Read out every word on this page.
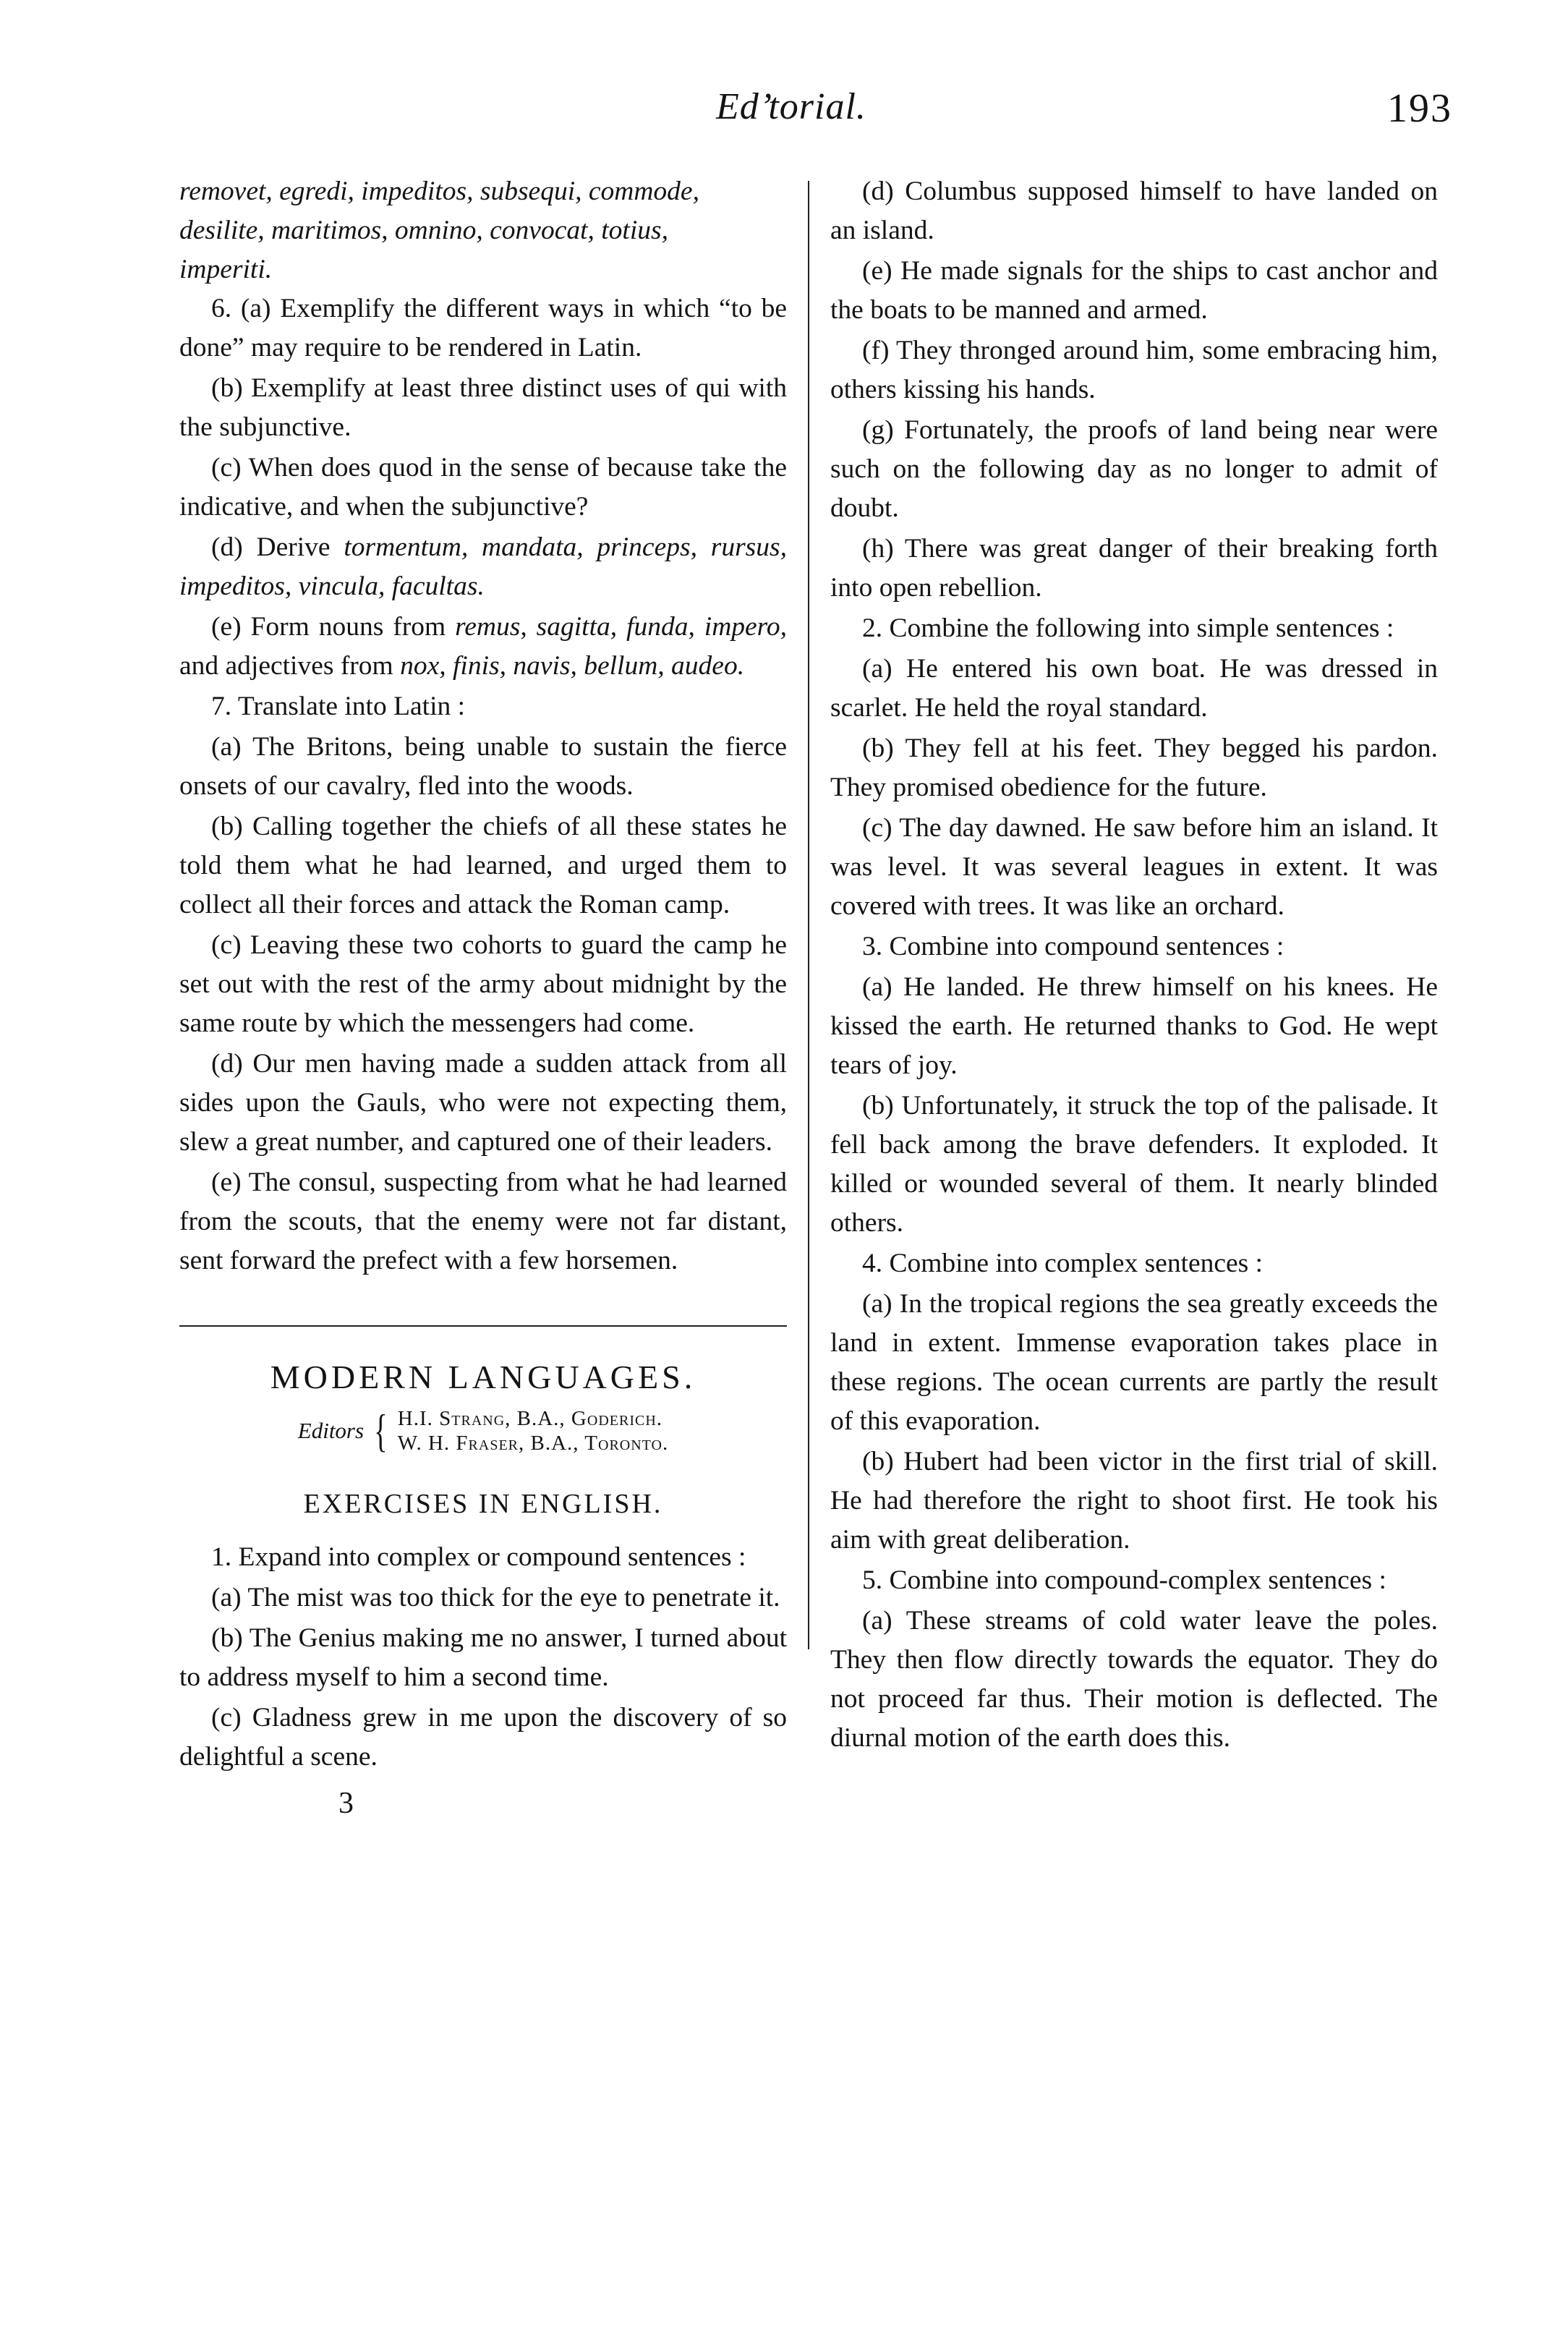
Ed’torial.	193

removet, egredi, impeditos, subsequi, commode,

desilite, maritimos, omnino, convocat, totius,

imperiti.

6. (a) Exemplify the different ways in which “to be done” may require to be rendered in Latin.

(b) Exemplify at least three distinct uses of qui with the subjunctive.

(c) When does quod in the sense of because take the indicative, and when the subjunctive?

(d) Derive tormentum, mandata, princeps, rursus, impeditos, vincula, facultas.

(e) Form nouns from remus, sagitta, funda, impero, and adjectives from nox, finis, navis, bellum, audeo.

7. Translate into Latin :

(a) The Britons, being unable to sustain the fierce onsets of our cavalry, fled into the woods.

(b) Calling together the chiefs of all these states he told them what he had learned, and urged them to collect all their forces and attack the Roman camp.

(c) Leaving these two cohorts to guard the camp he set out with the rest of the army about midnight by the same route by which the messengers had come.

(d) Our men having made a sudden attack from all sides upon the Gauls, who were not expecting them, slew a great number, and captured one of their leaders.

(e) The consul, suspecting from what he had learned from the scouts, that the enemy were not far distant, sent forward the prefect with a few horsemen.

MODERN LANGUAGES.
Editors { H.I. Strang, B.A., Goderich.
W. H. Fraser, B.A., Toronto.
EXERCISES IN ENGLISH.

1. Expand into complex or compound sentences :

(a) The mist was too thick for the eye to penetrate it.

(b) The Genius making me no answer, I turned about to address myself to him a second time.

(c) Gladness grew in me upon the discovery of so delightful a scene.

3

(d) Columbus supposed himself to have landed on an island.

(e) He made signals for the ships to cast anchor and the boats to be manned and armed.

(f) They thronged around him, some embracing him, others kissing his hands.

(g) Fortunately, the proofs of land being near were such on the following day as no longer to admit of doubt.

(h) There was great danger of their breaking forth into open rebellion.

2. Combine the following into simple sentences :

(a) He entered his own boat. He was dressed in scarlet. He held the royal standard.

(b) They fell at his feet. They begged his pardon. They promised obedience for the future.

(c) The day dawned. He saw before him an island. It was level. It was several leagues in extent. It was covered with trees. It was like an orchard.

3. Combine into compound sentences :

(a) He landed. He threw himself on his knees. He kissed the earth. He returned thanks to God. He wept tears of joy.

(b) Unfortunately, it struck the top of the palisade. It fell back among the brave defenders. It exploded. It killed or wounded several of them. It nearly blinded others.

4. Combine into complex sentences :

(a) In the tropical regions the sea greatly exceeds the land in extent. Immense evaporation takes place in these regions. The ocean currents are partly the result of this evaporation.

(b) Hubert had been victor in the first trial of skill. He had therefore the right to shoot first. He took his aim with great deliberation.

5. Combine into compound-complex sentences :

(a) These streams of cold water leave the poles. They then flow directly towards the equator. They do not proceed far thus. Their motion is deflected. The diurnal motion of the earth does this.
